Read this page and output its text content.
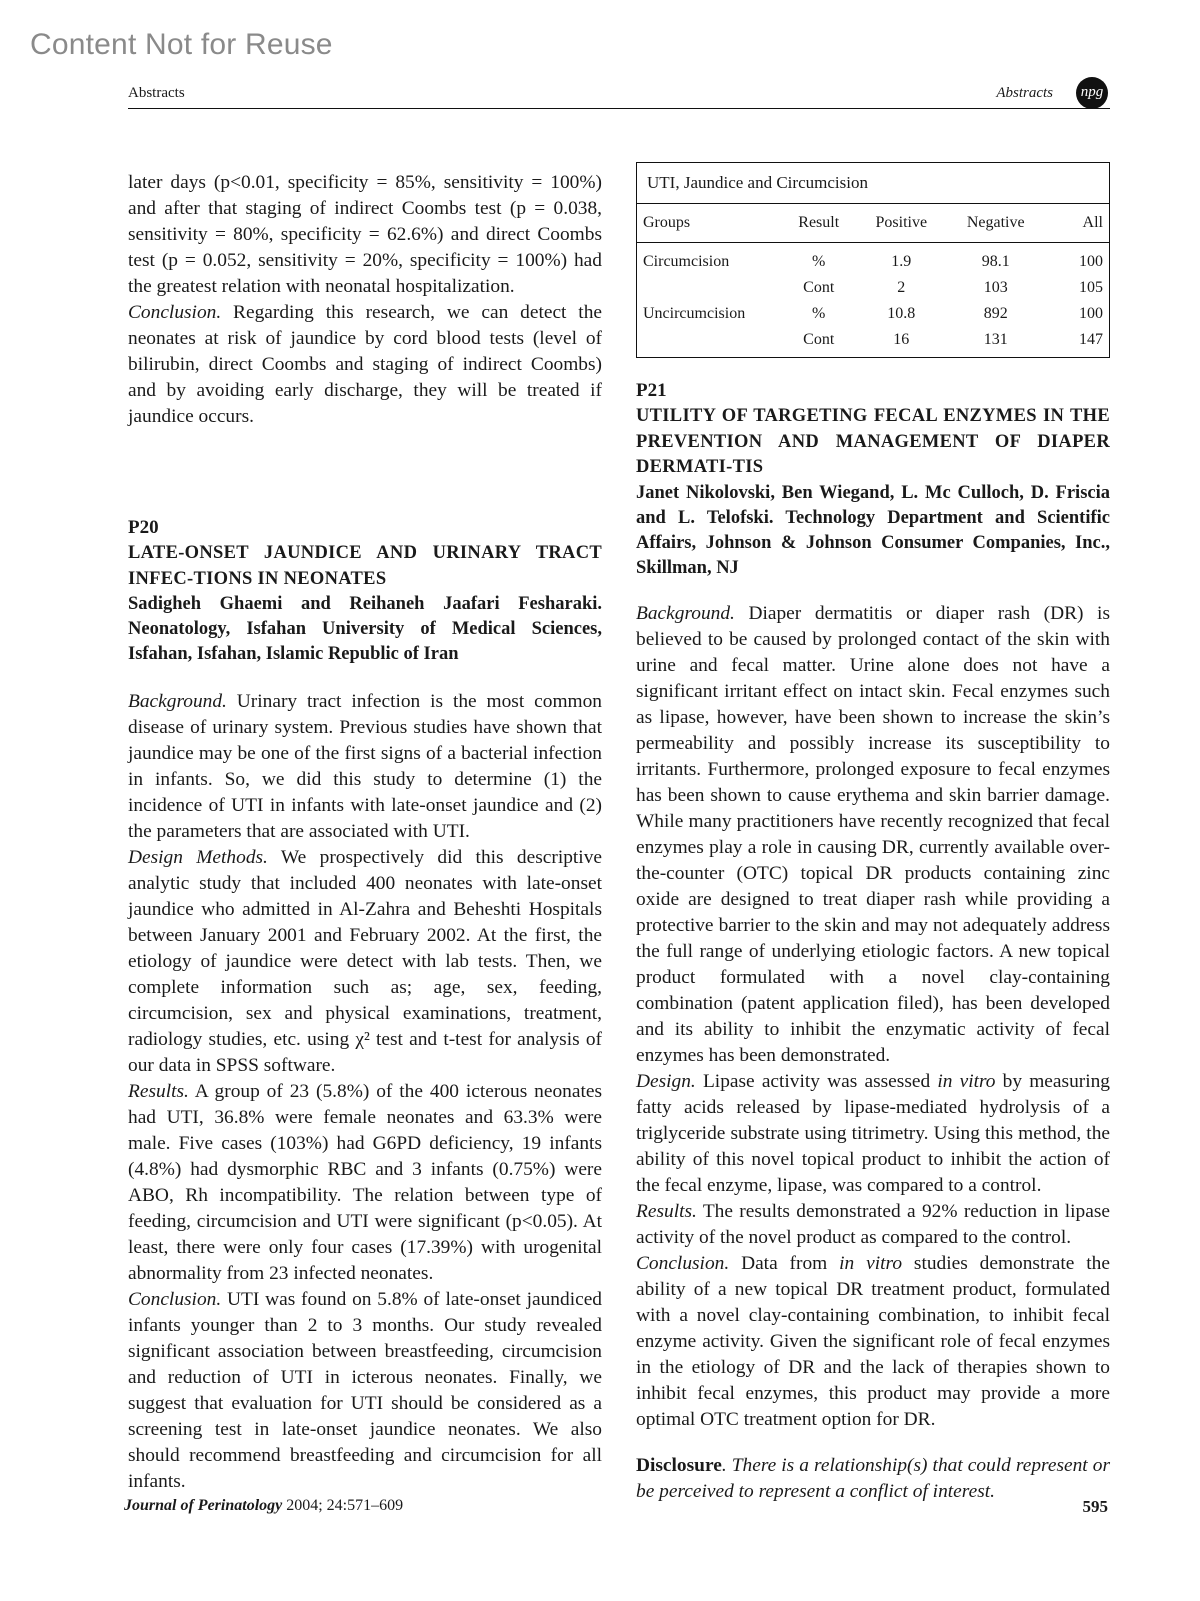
Content Not for Reuse
Abstracts	Abstracts	npg

later days (p<0.01, specificity = 85%, sensitivity = 100%) and after that staging of indirect Coombs test (p = 0.038, sensitivity = 80%, specificity = 62.6%) and direct Coombs test (p = 0.052, sensitivity = 20%, specificity = 100%) had the greatest relation with neonatal hospitalization.

Conclusion. Regarding this research, we can detect the neonates at risk of jaundice by cord blood tests (level of bilirubin, direct Coombs and staging of indirect Coombs) and by avoiding early discharge, they will be treated if jaundice occurs.

P20

LATE-ONSET JAUNDICE AND URINARY TRACT INFEC-TIONS IN NEONATES

Sadigheh Ghaemi and Reihaneh Jaafari Fesharaki. Neonatology, Isfahan University of Medical Sciences, Isfahan, Isfahan, Islamic Republic of Iran

Background. Urinary tract infection is the most common disease of urinary system. Previous studies have shown that jaundice may be one of the first signs of a bacterial infection in infants. So, we did this study to determine (1) the incidence of UTI in infants with late-onset jaundice and (2) the parameters that are associated with UTI.

Design Methods. We prospectively did this descriptive analytic study that included 400 neonates with late-onset jaundice who admitted in Al-Zahra and Beheshti Hospitals between January 2001 and February 2002. At the first, the etiology of jaundice were detect with lab tests. Then, we complete information such as; age, sex, feeding, circumcision, sex and physical examinations, treatment, radiology studies, etc. using χ² test and t-test for analysis of our data in SPSS software.

Results. A group of 23 (5.8%) of the 400 icterous neonates had UTI, 36.8% were female neonates and 63.3% were male. Five cases (103%) had G6PD deficiency, 19 infants (4.8%) had dysmorphic RBC and 3 infants (0.75%) were ABO, Rh incompatibility. The relation between type of feeding, circumcision and UTI were significant (p<0.05). At least, there were only four cases (17.39%) with urogenital abnormality from 23 infected neonates.

Conclusion. UTI was found on 5.8% of late-onset jaundiced infants younger than 2 to 3 months. Our study revealed significant association between breastfeeding, circumcision and reduction of UTI in icterous neonates. Finally, we suggest that evaluation for UTI should be considered as a screening test in late-onset jaundice neonates. We also should recommend breastfeeding and circumcision for all infants.

UTI, Jaundice and Circumcision
Groups	Result	Positive	Negative	All
Circumcision	%	1.9	98.1	100
	Cont	2	103	105
Uncircumcision	%	10.8	892	100
	Cont	16	131	147

P21

UTILITY OF TARGETING FECAL ENZYMES IN THE PREVENTION AND MANAGEMENT OF DIAPER DERMATI-TIS

Janet Nikolovski, Ben Wiegand, L. Mc Culloch, D. Friscia and L. Telofski. Technology Department and Scientific Affairs, Johnson & Johnson Consumer Companies, Inc., Skillman, NJ

Background. Diaper dermatitis or diaper rash (DR) is believed to be caused by prolonged contact of the skin with urine and fecal matter. Urine alone does not have a significant irritant effect on intact skin. Fecal enzymes such as lipase, however, have been shown to increase the skin’s permeability and possibly increase its susceptibility to irritants. Furthermore, prolonged exposure to fecal enzymes has been shown to cause erythema and skin barrier damage. While many practitioners have recently recognized that fecal enzymes play a role in causing DR, currently available over-the-counter (OTC) topical DR products containing zinc oxide are designed to treat diaper rash while providing a protective barrier to the skin and may not adequately address the full range of underlying etiologic factors. A new topical product formulated with a novel clay-containing combination (patent application filed), has been developed and its ability to inhibit the enzymatic activity of fecal enzymes has been demonstrated.

Design. Lipase activity was assessed in vitro by measuring fatty acids released by lipase-mediated hydrolysis of a triglyceride substrate using titrimetry. Using this method, the ability of this novel topical product to inhibit the action of the fecal enzyme, lipase, was compared to a control.

Results. The results demonstrated a 92% reduction in lipase activity of the novel product as compared to the control.

Conclusion. Data from in vitro studies demonstrate the ability of a new topical DR treatment product, formulated with a novel clay-containing combination, to inhibit fecal enzyme activity. Given the significant role of fecal enzymes in the etiology of DR and the lack of therapies shown to inhibit fecal enzymes, this product may provide a more optimal OTC treatment option for DR.

Disclosure. There is a relationship(s) that could represent or be perceived to represent a conflict of interest.

Journal of Perinatology 2004; 24:571–609	595
